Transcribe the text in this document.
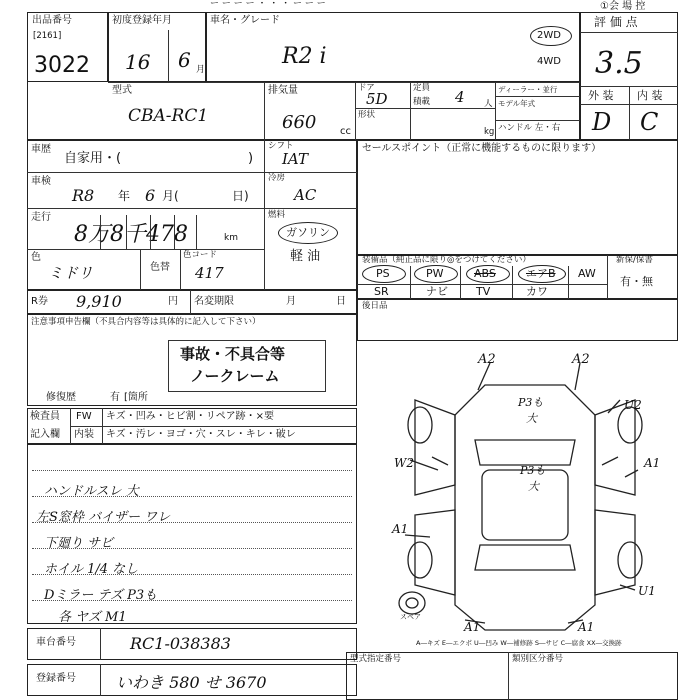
ー ー ー ー ・ ・ ・ ー ー ー	①会 場 控
出品番号
[2161]
3022
初度登録年月
16 6 月
車名・グレード
R2 i
2WD
4WD
評 価 点
3.5
外 装 内 装
D C
型式
CBA-RC1
排気量
660 cc
ドア
5D
定員 4 人
形状
積載
kg
ディーラー・並行
モデル年式
ハンドル 左・右
車歴
自家用・(	)
車検
R8 年 6 月(	日)
走行
8万8千478	km
色
ミドリ	色替
色コード
417
シフト
IAT
冷房
AC
燃料
ガソリン
軽 油
R券 9,910	円 名変期限	月	日
注意事項申告欄（不具合内容等は具体的に記入して下さい）
事故・不具合等
ノークレーム
修復歴	有 [箇所
セールスポイント（正常に機能するものに限ります）
装備品（純正品に限り◎をつけてください）	新保/保書
有・無
PS	PW	ABS	エアB AW
SR	ナビ	TV	カワ
後日品
検査員
記入欄
FW キズ・凹み・ヒビ割・リペア跡・×要
内装 キズ・汚レ・ヨゴ・穴・スレ・キレ・破レ
ハンドルスレ 大
左S窓枠 バイザー ワレ
下廻り サビ
ホイル 1/4 なし
Dミラー テズ P3も
各 ヤズ M1
車台番号	RC1-038383
登録番号	いわき 580 せ 3670
型式指定番号	類別区分番号
A2	A2
U2
W2	A1
A1
A1	A1
U1
P3も
P3も
大
大
スペア
A―キズ E―エクボ U―凹み W―補修跡 S―サビ C―腐食 XX―交換跡
